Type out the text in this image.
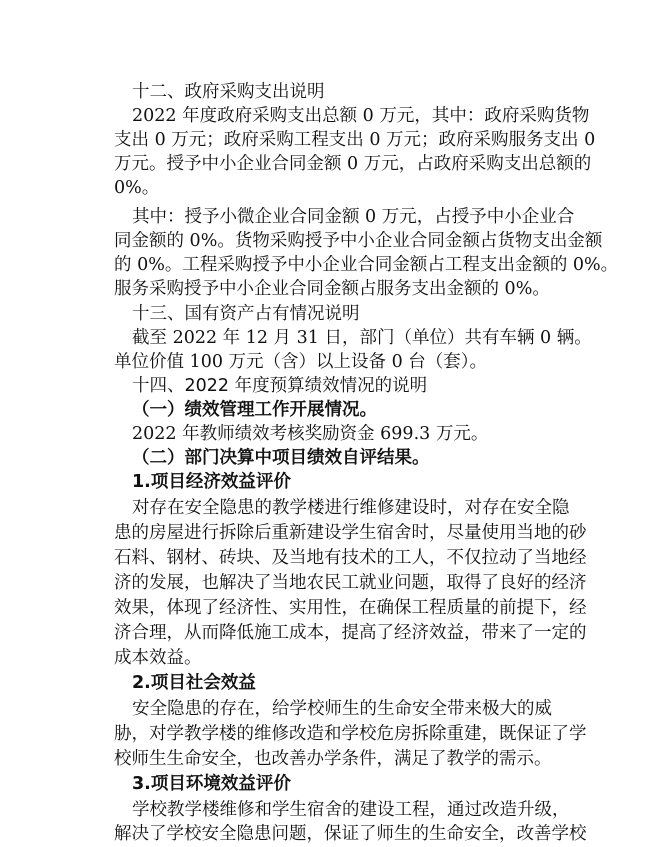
十二、政府采购支出说明
2022 年度政府采购支出总额 0 万元，其中：政府采购货物
支出 0 万元；政府采购工程支出 0 万元；政府采购服务支出 0
万元。授予中小企业合同金额 0 万元，占政府采购支出总额的
0%。
其中：授予小微企业合同金额 0 万元，占授予中小企业合
同金额的 0%。货物采购授予中小企业合同金额占货物支出金额
的 0%。工程采购授予中小企业合同金额占工程支出金额的 0%。
服务采购授予中小企业合同金额占服务支出金额的 0%。
十三、国有资产占有情况说明
截至 2022 年 12 月 31 日，部门（单位）共有车辆 0 辆。
单位价值 100 万元（含）以上设备 0 台（套）。
十四、2022 年度预算绩效情况的说明
（一）绩效管理工作开展情况。
2022 年教师绩效考核奖励资金 699.3 万元。
（二）部门决算中项目绩效自评结果。
1.项目经济效益评价
对存在安全隐患的教学楼进行维修建设时，对存在安全隐
患的房屋进行拆除后重新建设学生宿舍时，尽量使用当地的砂
石料、钢材、砖块、及当地有技术的工人，不仅拉动了当地经
济的发展，也解决了当地农民工就业问题，取得了良好的经济
效果，体现了经济性、实用性，在确保工程质量的前提下，经
济合理，从而降低施工成本，提高了经济效益，带来了一定的
成本效益。
2.项目社会效益
安全隐患的存在，给学校师生的生命安全带来极大的威
胁，对学教学楼的维修改造和学校危房拆除重建，既保证了学
校师生生命安全，也改善办学条件，满足了教学的需示。
3.项目环境效益评价
学校教学楼维修和学生宿舍的建设工程，通过改造升级，
解决了学校安全隐患问题，保证了师生的生命安全，改善学校
